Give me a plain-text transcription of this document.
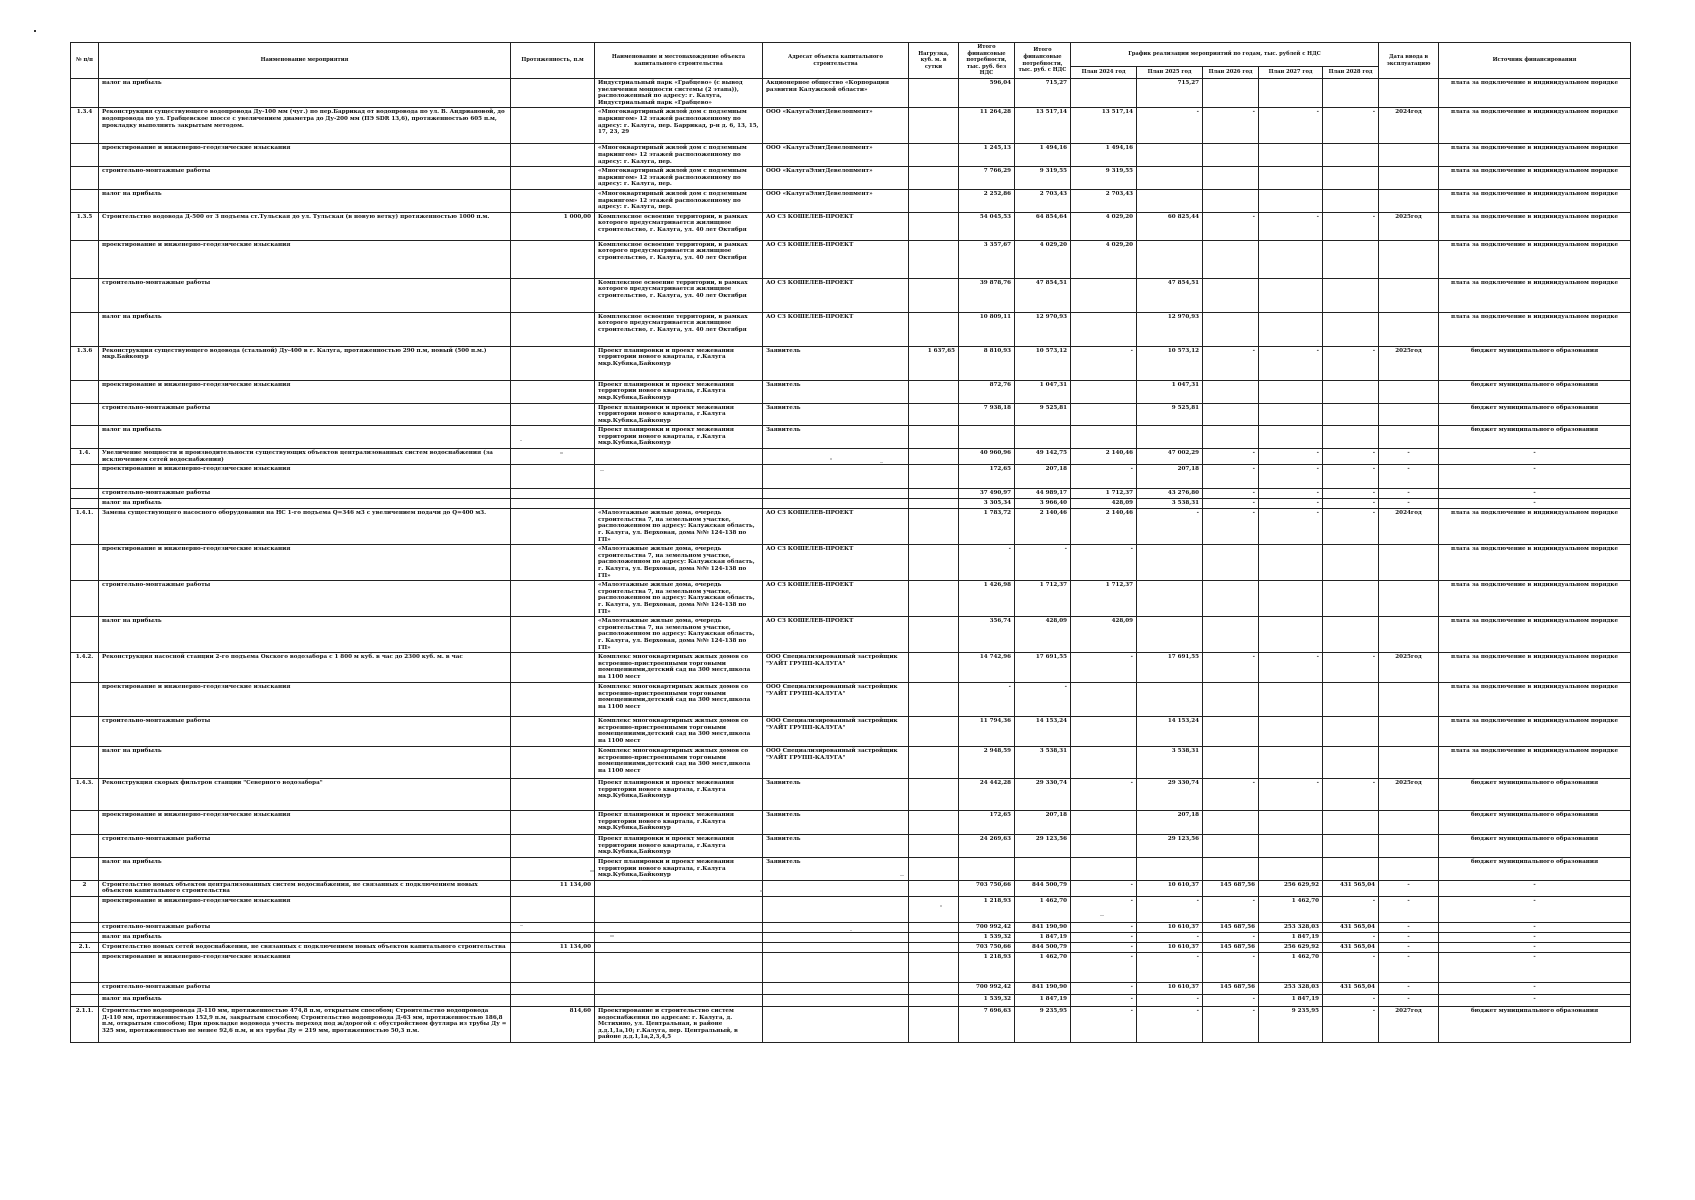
№ п/п	Наименование мероприятия	Протяженность, п.м	Наименование и местонахождение объекта капитального строительства	Адресат объекта капитального строительства	Нагрузка, куб. м. в сутки	Итого финансовые потребности, тыс. руб. без НДС	Итого финансовые потребности, тыс. руб. с НДС	График реализации мероприятий по годам, тыс. рублей с НДС					Дата ввода в эксплуатацию	Источник финансирования
								План 2024 год	План 2025 год	План 2026 год	План 2027 год	План 2028 год		
	налог на прибыль		Индустриальный парк «Грабцево» (с вывод увеличения мощности системы (2 этапа)), расположенный по адресу: г. Калуга, Индустриальный парк «Грабцево»	Акционерное общество «Корпорация развития Калужской области»		596,04	715,27		715,27					плата за подключение в индивидуальном порядке
1.3.4	Реконструкция существующего водопровода Ду-100 мм (чуг.) по пер.Баррикад от водопровода по ул. В. Андриановой, до водопровода по ул. Грабцевское шоссе с увеличением диаметра до Ду-200 мм (ПЭ SDR 13,6), протяженностью 605 п.м, прокладку выполнить закрытым методом.		«Многоквартирный жилой дом с подземным паркингом» 12 этажей расположенному по адресу: г. Калуга, пер. Баррикад, р-н д. 6, 13, 15, 17, 23, 29	ООО «КалугаЭлитДевелопмент»		11 264,28	13 517,14	13 517,14	-	-	-	-	2024год	плата за подключение в индивидуальном порядке
	проектирование и инженерно-геодезические изыскания		«Многоквартирный жилой дом с подземным паркингом» 12 этажей расположенному по адресу: г. Калуга, пер.	ООО «КалугаЭлитДевелопмент»		1 245,13	1 494,16	1 494,16						плата за подключение в индивидуальном порядке
	строительно-монтажные работы		«Многоквартирный жилой дом с подземным паркингом» 12 этажей расположенному по адресу: г. Калуга, пер.	ООО «КалугаЭлитДевелопмент»		7 766,29	9 319,55	9 319,55						плата за подключение в индивидуальном порядке
	налог на прибыль		«Многоквартирный жилой дом с подземным паркингом» 12 этажей расположенному по адресу: г. Калуга, пер.	ООО «КалугаЭлитДевелопмент»		2 252,86	2 703,43	2 703,43						плата за подключение в индивидуальном порядке
1.3.5	Строительство водовода Д-500 от 3 подъема ст.Тульская до ул. Тульская (в новую ветку) протяженностью 1000 п.м.	1 000,00	Комплексное освоение территории, в рамках которого предусматривается жилищное строительство, г. Калуга, ул. 40 лет Октября	АО СЗ КОШЕЛЕВ-ПРОЕКТ		54 045,53	64 854,64	4 029,20	60 825,44	-	-	-	2025год	плата за подключение в индивидуальном порядке
	проектирование и инженерно-геодезические изыскания		Комплексное освоение территории, в рамках которого предусматривается жилищное строительство, г. Калуга, ул. 40 лет Октября	АО СЗ КОШЕЛЕВ-ПРОЕКТ		3 357,67	4 029,20	4 029,20						плата за подключение в индивидуальном порядке
	строительно-монтажные работы		Комплексное освоение территории, в рамках которого предусматривается жилищное строительство, г. Калуга, ул. 40 лет Октября	АО СЗ КОШЕЛЕВ-ПРОЕКТ		39 878,76	47 854,51		47 854,51					плата за подключение в индивидуальном порядке
	налог на прибыль		Комплексное освоение территории, в рамках которого предусматривается жилищное строительство, г. Калуга, ул. 40 лет Октября	АО СЗ КОШЕЛЕВ-ПРОЕКТ		10 809,11	12 970,93		12 970,93					плата за подключение в индивидуальном порядке
1.3.6	Реконструкция существующего водовода (стальной) Ду-400 в г. Калуга, протяженностью 290 п.м, новый (500 п.м.) мкр.Байконур		Проект планировки и проект межевания территории нового квартала, г.Калуга мкр.Кубяка,Байконур	Заявитель	1 637,65	8 810,93	10 573,12	-	10 573,12	-	-	-	2025год	бюджет муниципального образования
	проектирование и инженерно-геодезические изыскания		Проект планировки и проект межевания территории нового квартала, г.Калуга мкр.Кубяка,Байконур	Заявитель		872,76	1 047,31		1 047,31					бюджет муниципального образования
	строительно-монтажные работы		Проект планировки и проект межевания территории нового квартала, г.Калуга мкр.Кубяка,Байконур	Заявитель		7 938,18	9 525,81		9 525,81					бюджет муниципального образования
	налог на прибыль		Проект планировки и проект межевания территории нового квартала, г.Калуга мкр.Кубяка,Байконур	Заявитель										бюджет муниципального образования
1.4.	Увеличение мощности и производительности существующих объектов централизованных систем водоснабжения (за исключением сетей водоснабжения)					40 960,96	49 142,75	2 140,46	47 002,29	-	-	-	-	-
	проектирование и инженерно-геодезические изыскания					172,65	207,18	-	207,18	-	-	-	-	-
	строительно-монтажные работы					37 490,97	44 989,17	1 712,37	43 276,80	-	-	-	-	-
	налог на прибыль					3 305,34	3 966,40	428,09	3 538,31	-	-	-	-	-
1.4.1.	Замена существующего насосного оборудования на НС 1-го подъема Q=346 м3 с увеличением подачи до Q=400 м3.		«Малоэтажные жилые дома, очередь строительства 7, на земельном участке, расположенном по адресу: Калужская область, г. Калуга, ул. Верховая, дома №№ 124-138 по ГП»	АО СЗ КОШЕЛЕВ-ПРОЕКТ		1 783,72	2 140,46	2 140,46	-	-	-	-	2024год	плата за подключение в индивидуальном порядке
	проектирование и инженерно-геодезические изыскания		«Малоэтажные жилые дома, очередь строительства 7, на земельном участке, расположенном по адресу: Калужская область, г. Калуга, ул. Верховая, дома №№ 124-138 по ГП»	АО СЗ КОШЕЛЕВ-ПРОЕКТ		-	-	-						плата за подключение в индивидуальном порядке
	строительно-монтажные работы		«Малоэтажные жилые дома, очередь строительства 7, на земельном участке, расположенном по адресу: Калужская область, г. Калуга, ул. Верховая, дома №№ 124-138 по ГП»	АО СЗ КОШЕЛЕВ-ПРОЕКТ		1 426,98	1 712,37	1 712,37						плата за подключение в индивидуальном порядке
	налог на прибыль		«Малоэтажные жилые дома, очередь строительства 7, на земельном участке, расположенном по адресу: Калужская область, г. Калуга, ул. Верховая, дома №№ 124-138 по ГП»	АО СЗ КОШЕЛЕВ-ПРОЕКТ		356,74	428,09	428,09						плата за подключение в индивидуальном порядке
1.4.2.	Реконструкция насосной станции 2-го подъема Окского водозабора с 1 800 м куб. в час до 2300 куб. м. в час		Комплекс многоквартирных жилых домов со встроенно-пристроенными торговыми помещениями,детский сад на 300 мест,школа на 1100 мест	ООО Специализированный застройщик "УАЙТ ГРУПП-КАЛУГА"		14 742,96	17 691,55	-	17 691,55	-	-	-	2025год	плата за подключение в индивидуальном порядке
	проектирование и инженерно-геодезические изыскания		Комплекс многоквартирных жилых домов со встроенно-пристроенными торговыми помещениями,детский сад на 300 мест,школа на 1100 мест	ООО Специализированный застройщик "УАЙТ ГРУПП-КАЛУГА"		-	-							плата за подключение в индивидуальном порядке
	строительно-монтажные работы		Комплекс многоквартирных жилых домов со встроенно-пристроенными торговыми помещениями,детский сад на 300 мест,школа на 1100 мест	ООО Специализированный застройщик "УАЙТ ГРУПП-КАЛУГА"		11 794,36	14 153,24		14 153,24					плата за подключение в индивидуальном порядке
	налог на прибыль		Комплекс многоквартирных жилых домов со встроенно-пристроенными торговыми помещениями,детский сад на 300 мест,школа на 1100 мест	ООО Специализированный застройщик "УАЙТ ГРУПП-КАЛУГА"		2 948,59	3 538,31		3 538,31					плата за подключение в индивидуальном порядке
1.4.3.	Реконструкция скорых фильтров станции "Северного водозабора"		Проект планировки и проект межевания территории нового квартала, г.Калуга мкр.Кубяка,Байконур	Заявитель		24 442,28	29 330,74	-	29 330,74	-	-	-	2025год	бюджет муниципального образования
	проектирование и инженерно-геодезические изыскания		Проект планировки и проект межевания территории нового квартала, г.Калуга мкр.Кубяка,Байконур	Заявитель		172,65	207,18		207,18					бюджет муниципального образования
	строительно-монтажные работы		Проект планировки и проект межевания территории нового квартала, г.Калуга мкр.Кубяка,Байконур	Заявитель		24 269,63	29 123,56		29 123,56					бюджет муниципального образования
	налог на прибыль		Проект планировки и проект межевания территории нового квартала, г.Калуга мкр.Кубяка,Байконур	Заявитель										бюджет муниципального образования
2	Строительство новых объектов централизованных систем водоснабжения, не связанных с подключением новых объектов капитального строительства	11 134,00				703 750,66	844 500,79	-	10 610,37	145 687,56	256 629,92	431 565,04	-	-
	проектирование и инженерно-геодезические изыскания					1 218,93	1 462,70	-	-	-	1 462,70	-	-	-
	строительно-монтажные работы					700 992,42	841 190,90	-	10 610,37	145 687,56	253 328,03	431 565,04	-	-
	налог на прибыль					1 539,32	1 847,19	-	-	-	1 847,19	-	-	-
2.1.	Строительство новых сетей водоснабжения, не связанных с подключением новых объектов капитального строительства	11 134,00				703 750,66	844 500,79	-	10 610,37	145 687,56	256 629,92	431 565,04	-	-
	проектирование и инженерно-геодезические изыскания					1 218,93	1 462,70	-	-	-	1 462,70	-	-	-
	строительно-монтажные работы					700 992,42	841 190,90	-	10 610,37	145 687,56	253 328,03	431 565,04	-	-
	налог на прибыль					1 539,32	1 847,19	-	-	-	1 847,19	-	-	-
2.1.1.	Строительство водопровода Д-110 мм, протяженностью 474,8 п.м, открытым способом; Строительство водопровода Д-110 мм, протяженностью 152,9 п.м, закрытым способом; Строительство водопровода Д-63 мм, протяженностью 186,8 п.м, открытым способом; При прокладке водовода учесть переход под ж/дорогой с обустройством футляра из трубы Ду = 325 мм, протяженностью не менее 92,6 п.м, и из трубы Ду = 219 мм, протяженностью 50,3 п.м.	814,60	Проектирование и строительство систем водоснабжения по адресам: г. Калуга, д. Мстихино, ул. Центральная, в районе д.д.1,1а,10; г.Калуга, пер. Центральный, в районе д.д.1,1а,2,3,4,5			7 696,63	9 235,95	-	-	-	9 235,95	-	2027год	бюджет муниципального образования
